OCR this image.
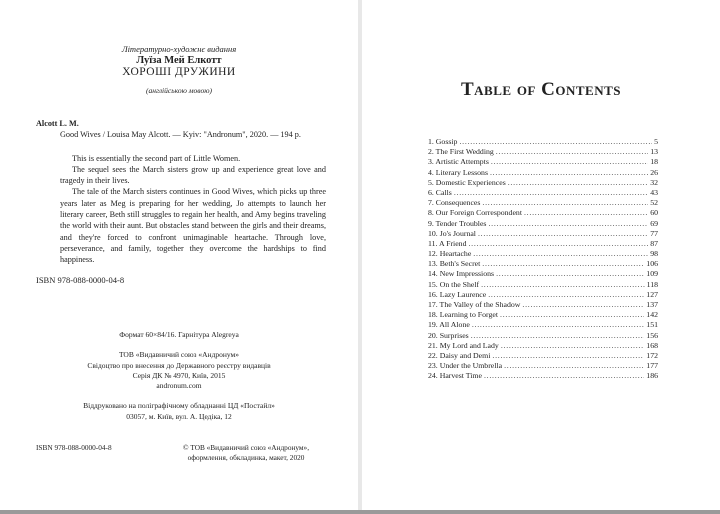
Літературно-художнє видання
Луїза Мей Елкотт
ХОРОШІ ДРУЖИНИ
(англійською мовою)
Alcott L. M.
Good Wives / Louisa May Alcott. — Kyiv: "Andronum", 2020. — 194 p.

This is essentially the second part of Little Women.

The sequel sees the March sisters grow up and experience great love and tragedy in their lives.

The tale of the March sisters continues in Good Wives, which picks up three years later as Meg is preparing for her wedding, Jo attempts to launch her literary career, Beth still struggles to regain her health, and Amy begins traveling the world with their aunt. But obstacles stand between the girls and their dreams, and they're forced to confront unimaginable heartache. Through love, perseverance, and family, together they overcome the hardships to find happiness.

ISBN 978-088-0000-04-8
Формат 60×84/16. Гарнітура Alegreya
ТОВ «Видавничий союз «Андронум»
Свідоцтво про внесення до Державного реєстру видавців
Серія ДК № 4970, Київ, 2015
andronum.com
Віддруковано на поліграфічному обладнанні ЦД «Постайл»
03057, м. Київ, вул. А. Цедіка, 12
ISBN 978-088-0000-04-8	© ТОВ «Видавничий союз «Андронум»,
оформлення, обкладинка, макет, 2020
Table of Contents
1. Gossip . . .	5
2. The First Wedding . . .	13
3. Artistic Attempts . . .	18
4. Literary Lessons . . .	26
5. Domestic Experiences . . .	32
6. Calls . . .	43
7. Consequences . . .	52
8. Our Foreign Correspondent . . .	60
9. Tender Troubles . . .	69
10. Jo's Journal . . .	77
11. A Friend . . .	87
12. Heartache . . .	98
13. Beth's Secret . . .	106
14. New Impressions . . .	109
15. On the Shelf . . .	118
16. Lazy Laurence . . .	127
17. The Valley of the Shadow . . .	137
18. Learning to Forget . . .	142
19. All Alone . . .	151
20. Surprises . . .	156
21. My Lord and Lady . . .	168
22. Daisy and Demi . . .	172
23. Under the Umbrella . . .	177
24. Harvest Time . . .	186
